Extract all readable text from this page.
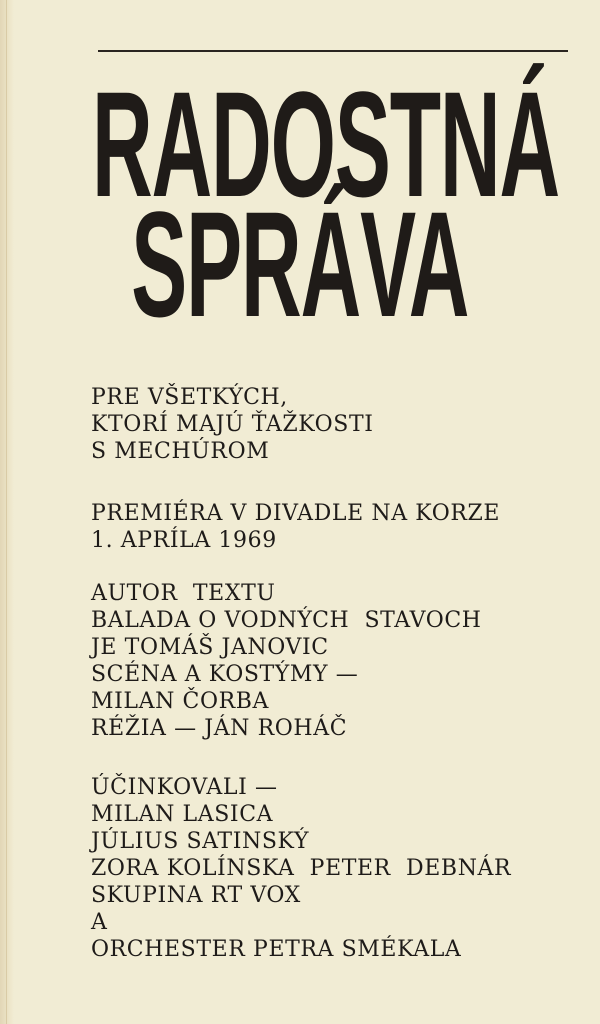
RADOSTNÁ
SPRÁVA

PRE VŠETKÝCH,
KTORÍ MAJÚ ŤAŽKOSTI
S MECHÚROM

PREMIÉRA V DIVADLE NA KORZE
1. APRÍLA 1969

AUTOR  TEXTU
BALADA O VODNÝCH  STAVOCH
JE TOMÁŠ JANOVIC
SCÉNA A KOSTÝMY —
MILAN ČORBA
RÉŽIA — JÁN ROHÁČ

ÚČINKOVALI —
MILAN LASICA
JÚLIUS SATINSKÝ
ZORA KOLÍNSKA  PETER  DEBNÁR
SKUPINA RT VOX
A
ORCHESTER PETRA SMÉKALA
